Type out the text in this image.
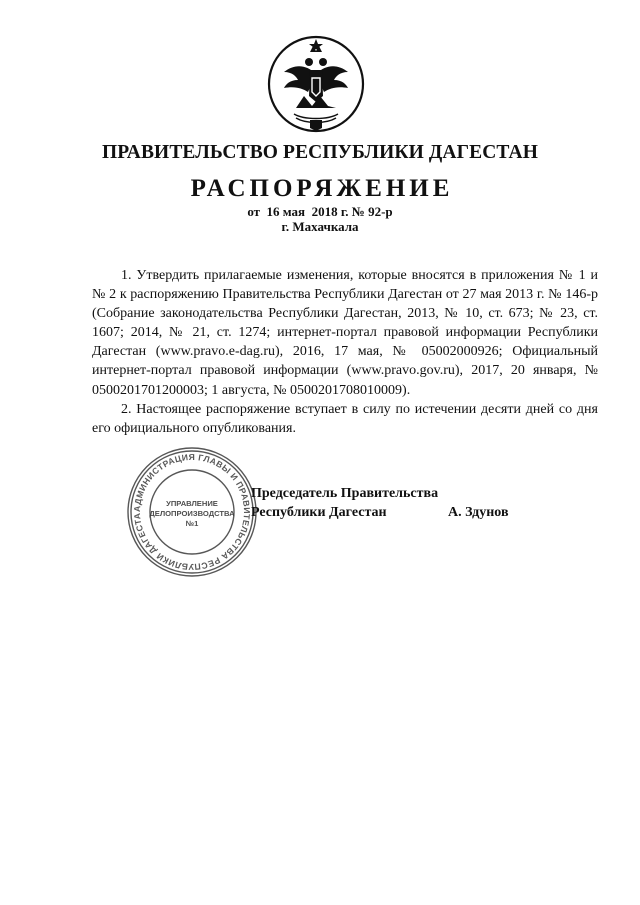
ПРАВИТЕЛЬСТВО РЕСПУБЛИКИ ДАГЕСТАН
РАСПОРЯЖЕНИЕ
от  16 мая  2018 г. № 92-р
г. Махачкала

1. Утвердить прилагаемые изменения, которые вносятся в приложения № 1 и № 2 к распоряжению Правительства Республики Дагестан от 27 мая 2013 г. № 146-р (Собрание законодательства Республики Дагестан, 2013, № 10, ст. 673; № 23, ст. 1607; 2014, № 21, ст. 1274; интернет-портал правовой информации Республики Дагестан (www.pravo.e-dag.ru), 2016, 17 мая, № 05002000926; Официальный интернет-портал правовой информации (www.pravo.gov.ru), 2017, 20 января, № 0500201701200003; 1 августа, № 0500201708010009).

2. Настоящее распоряжение вступает в силу по истечении десяти дней со дня его официального опубликования.

АДМИНИСТРАЦИЯ ГЛАВЫ И ПРАВИТЕЛЬСТВА РЕСПУБЛИКИ ДАГЕСТА
УПРАВЛЕНИЕ
ДЕЛОПРОИЗВОДСТВА
№1
Председатель Правительства
Республики Дагестан	А. Здунов
